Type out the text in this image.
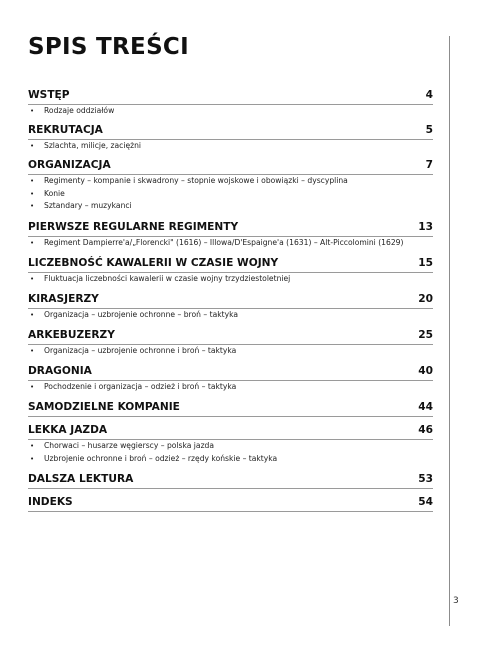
SPIS TREŚCI
WSTĘP	4
• Rodzaje oddziałów
REKRUTACJA	5
• Szlachta, milicje, zaciężni
ORGANIZACJA	7
• Regimenty – kompanie i skwadrony – stopnie wojskowe i obowiązki – dyscyplina
• Konie
• Sztandary – muzykanci
PIERWSZE REGULARNE REGIMENTY	13
• Regiment Dampierre'a/„Florencki" (1616) – Illowa/D'Espaigne'a (1631) – Alt-Piccolomini (1629)
LICZEBNOŚĆ KAWALERII W CZASIE WOJNY	15
• Fluktuacja liczebności kawalerii w czasie wojny trzydziestoletniej
KIRASJERZY	20
• Organizacja – uzbrojenie ochronne – broń – taktyka
ARKEBUZERZY	25
• Organizacja – uzbrojenie ochronne i broń – taktyka
DRAGONIA	40
• Pochodzenie i organizacja – odzież i broń – taktyka
SAMODZIELNE KOMPANIE	44
LEKKA JAZDA	46
• Chorwaci – husarze węgierscy – polska jazda
• Uzbrojenie ochronne i broń – odzież – rzędy końskie – taktyka
DALSZA LEKTURA	53
INDEKS	54
3
